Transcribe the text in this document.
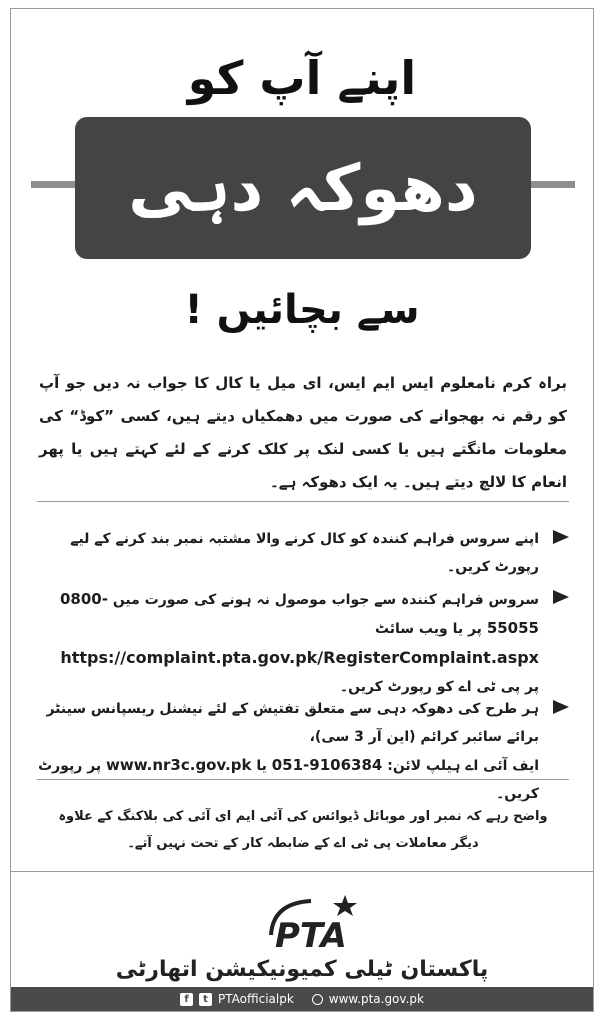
اپنے آپ کو
دھوکہ دہی
سے بچائیں !
براہ کرم نامعلوم ایس ایم ایس، ای میل یا کال کا جواب نہ دیں جو آپ کو رقم نہ بھجوانے کی صورت میں دھمکیاں دیتے ہیں، کسی ”کوڈ“ کی معلومات مانگتے ہیں یا کسی لنک پر کلک کرنے کے لئے کہتے ہیں یا پھر انعام کا لالچ دیتے ہیں۔ یہ ایک دھوکہ ہے۔
اپنے سروس فراہم کنندہ کو کال کرنے والا مشتبہ نمبر بند کرنے کے لیے رپورٹ کریں۔
سروس فراہم کنندہ سے جواب موصول نہ ہونے کی صورت میں 0800-55055 پر یا ویب سائٹ
https://complaint.pta.gov.pk/RegisterComplaint.aspx
پر پی ٹی اے کو رپورٹ کریں۔
ہر طرح کی دھوکہ دہی سے متعلق تفتیش کے لئے نیشنل ریسپانس سینٹر برائے سائبر کرائم (این آر 3 سی)،
ایف آئی اے ہیلپ لائن: 051-9106384 یا www.nr3c.gov.pk پر رپورٹ کریں۔
واضح رہے کہ نمبر اور موبائل ڈیوائس کی آئی ایم ای آئی کی بلاکنگ کے علاوہ دیگر معاملات پی ٹی اے کے ضابطہ کار کے تحت نہیں آتے۔
PTA
پاکستان ٹیلی کمیونیکیشن اتھارٹی
f	t PTAofficialpk	www.pta.gov.pk
